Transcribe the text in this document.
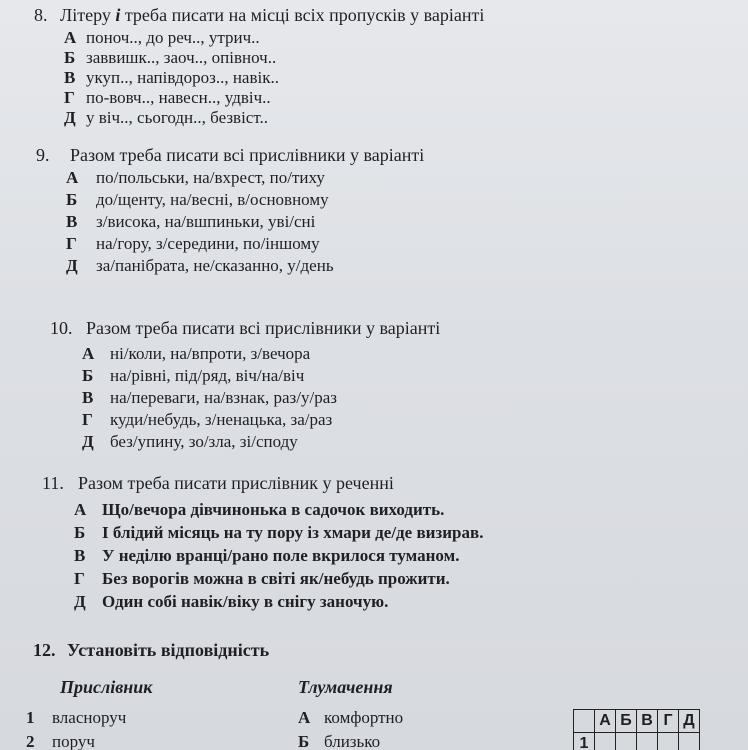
8. Літеру і треба писати на місці всіх пропусків у варіанті
А поноч.., до реч.., утрич..
Б заввишк.., заоч.., опівноч..
В укуп.., напівдороз.., навік..
Г по-вовч.., навесн.., удвіч..
Д у віч.., сьогодн.., безвіст..
9. Разом треба писати всі прислівники у варіанті
А по/польськи, на/вхрест, по/тиху
Б до/щенту, на/весні, в/основному
В з/висока, на/вшпиньки, уві/сні
Г на/гору, з/середини, по/іншому
Д за/панібрата, не/сказанно, у/день
10. Разом треба писати всі прислівники у варіанті
А ні/коли, на/впроти, з/вечора
Б на/рівні, під/ряд, віч/на/віч
В на/переваги, на/взнак, раз/у/раз
Г куди/небудь, з/ненацька, за/раз
Д без/упину, зо/зла, зі/споду
11. Разом треба писати прислівник у реченні
А Що/вечора дівчинонька в садочок виходить.
Б І блідий місяць на ту пору із хмари де/де визирав.
В У неділю вранці/рано поле вкрилося туманом.
Г Без ворогів можна в світі як/небудь прожити.
Д Один собі навік/віку в снігу заночую.
12. Установіть відповідність
Прислівник	Тлумачення
1 власноруч	А комфортно
2 поруч	Б близько
	А	Б	В	Г	Д
1					
